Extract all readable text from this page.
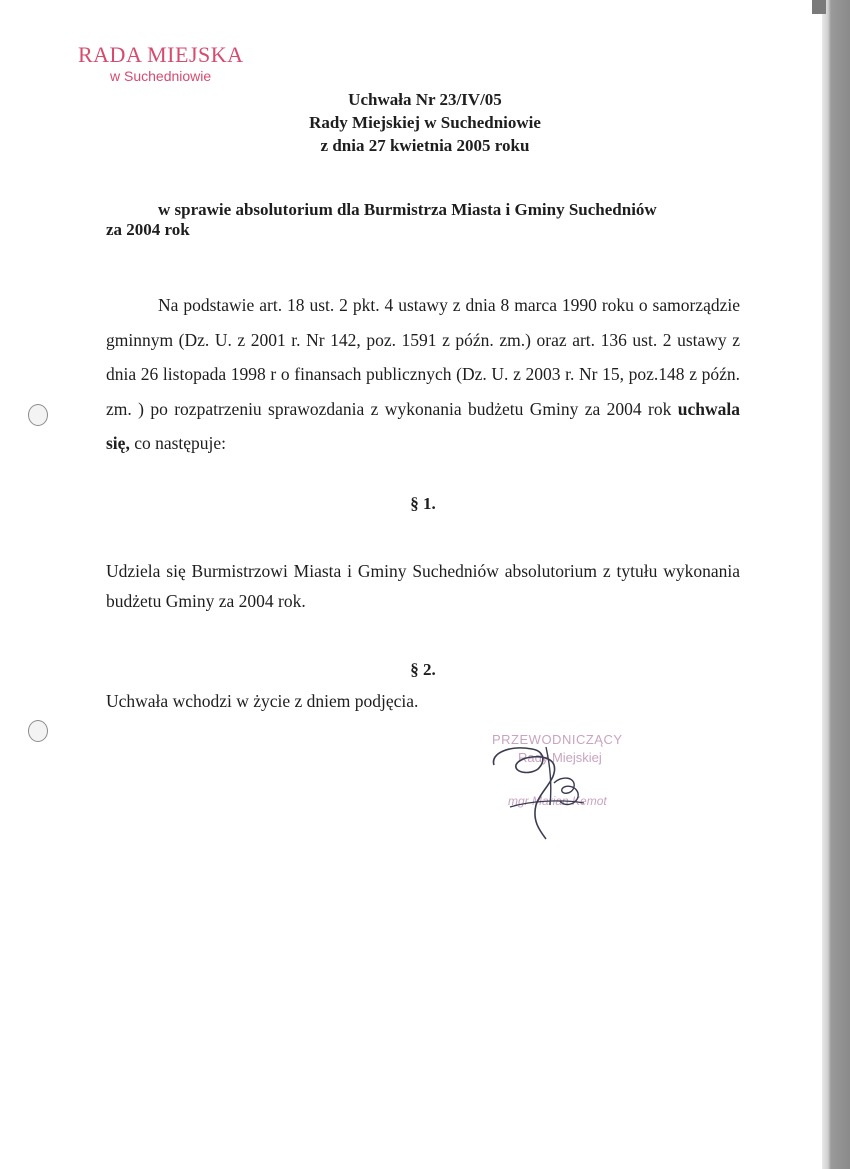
RADA MIEJSKA
w Suchedniowie
Uchwała Nr 23/IV/05
Rady Miejskiej w Suchedniowie
z dnia 27 kwietnia 2005 roku
w sprawie absolutorium dla Burmistrza Miasta i Gminy Suchedniów
za 2004 rok
Na podstawie art. 18 ust. 2 pkt. 4 ustawy z dnia 8 marca 1990 roku o samorządzie gminnym (Dz. U. z 2001 r. Nr 142, poz. 1591 z późn. zm.) oraz art. 136 ust. 2 ustawy z dnia 26 listopada 1998 r o finansach publicznych (Dz. U. z 2003 r. Nr 15, poz.148 z późn. zm. ) po rozpatrzeniu sprawozdania z wykonania budżetu Gminy za 2004 rok uchwala się, co następuje:
§ 1.
Udziela się Burmistrzowi Miasta i Gminy Suchedniów absolutorium z tytułu wykonania budżetu Gminy za 2004 rok.
§ 2.
Uchwała wchodzi w życie z dniem podjęcia.
PRZEWODNICZĄCY
Rady Miejskiej
mgr Marian Kemot
